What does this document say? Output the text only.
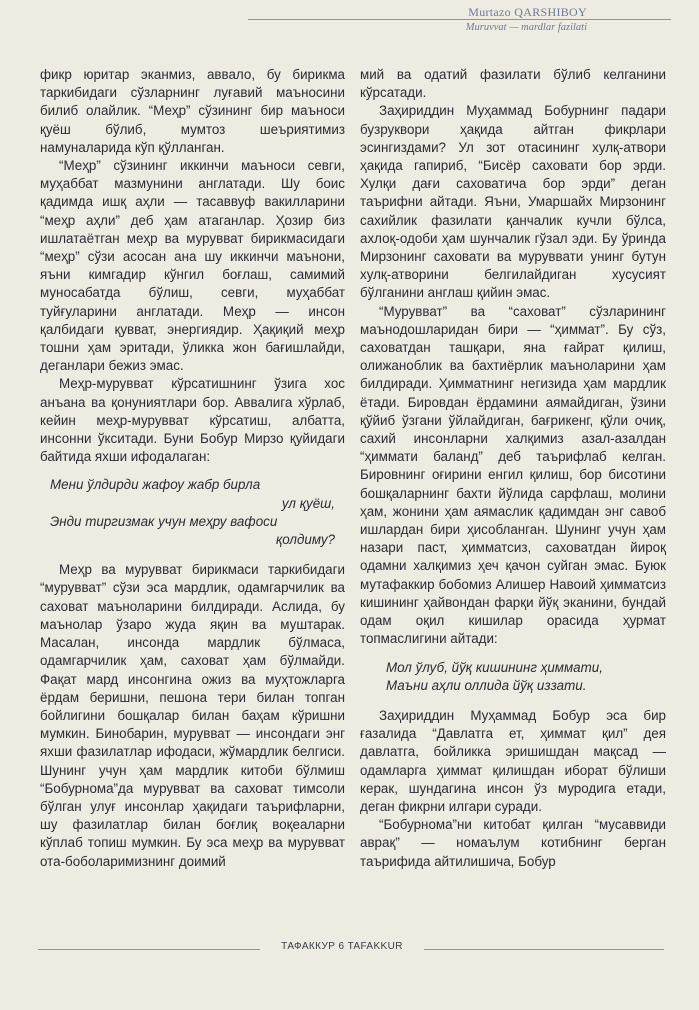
Murtazo QARSHIBOY
Muruvvat — mardlar fazilati

фикр юритар эканмиз, аввало, бу бирикма таркибидаги сўзларнинг луғавий маъносини билиб олайлик. “Меҳр” сўзининг бир маъноси қуёш бўлиб, мумтоз шеъриятимиз намуналарида кўп қўлланган.

“Меҳр” сўзининг иккинчи маъноси севги, муҳаббат мазмунини англатади. Шу боис қадимда ишқ аҳли — тасаввуф вакилларини “меҳр аҳли” деб ҳам атаганлар. Ҳозир биз ишлатаётган меҳр ва мурувват бирикмасидаги “меҳр” сўзи асосан ана шу иккинчи маънони, яъни кимгадир кўнгил боғлаш, самимий муносабатда бўлиш, севги, муҳаббат туйғуларини англатади. Меҳр — инсон қалбидаги қувват, энергиядир. Ҳақиқий меҳр тошни ҳам эритади, ўликка жон бағишлайди, деганлари бежиз эмас.

Меҳр-мурувват кўрсатишнинг ўзига хос анъана ва қонуниятлари бор. Аввалига хўрлаб, кейин меҳр-мурувват кўрсатиш, албатта, инсонни ўкситади. Буни Бобур Мирзо қуйидаги байтида яхши ифодалаган:

Мени ўлдирди жафоу жабр бирла
ул қуёш,
Энди тиргизмак учун меҳру вафоси
қолдиму?

Меҳр ва мурувват бирикмаси таркибидаги “мурувват” сўзи эса мардлик, одамгарчилик ва саховат маъноларини билдиради. Аслида, бу маънолар ўзаро жуда яқин ва муштарак. Масалан, инсонда мардлик бўлмаса, одамгарчилик ҳам, саховат ҳам бўлмайди. Фақат мард инсонгина ожиз ва муҳтожларга ёрдам беришни, пешона тери билан топган бойлигини бошқалар билан баҳам кўришни мумкин. Бинобарин, мурувват — инсондаги энг яхши фазилатлар ифодаси, жўмардлик белгиси. Шунинг учун ҳам мардлик китоби бўлмиш “Бобурнома”да мурувват ва саховат тимсоли бўлган улуғ инсонлар ҳақидаги таърифларни, шу фазилатлар билан боғлиқ воқеаларни кўплаб топиш мумкин. Бу эса меҳр ва мурувват ота-боболаримизнинг доимий

мий ва одатий фазилати бўлиб келганини кўрсатади.

Заҳириддин Муҳаммад Бобурнинг падари бузруквори ҳақида айтган фикрлари эсингиздами? Ул зот отасининг хулқ-атвори ҳақида гапириб, “Бисёр саховати бор эрди. Хулқи дағи саховатича бор эрди” деган таърифни айтади. Яъни, Умаршайх Мирзонинг сахийлик фазилати қанчалик кучли бўлса, ахлоқ-одоби ҳам шунчалик гўзал эди. Бу ўринда Мирзонинг саховати ва муруввати унинг бутун хулқ-атворини белгилайдиган хусусият бўлганини англаш қийин эмас.

“Мурувват” ва “саховат” сўзларининг маънодошларидан бири — “ҳиммат”. Бу сўз, саховатдан ташқари, яна ғайрат қилиш, олижаноблик ва бахтиёрлик маъноларини ҳам билдиради. Ҳимматнинг негизида ҳам мардлик ётади. Бировдан ёрдамини аямайдиган, ўзини қўйиб ўзгани ўйлайдиган, бағрикенг, қўли очиқ, сахий инсонларни халқимиз азал-азалдан “ҳиммати баланд” деб таърифлаб келган. Бировнинг оғирини енгил қилиш, бор бисотини бошқаларнинг бахти йўлида сарфлаш, молини ҳам, жонини ҳам аямаслик қадимдан энг савоб ишлардан бири ҳисобланган. Шунинг учун ҳам назари паст, ҳимматсиз, саховатдан йироқ одамни халқимиз ҳеч қачон суйган эмас. Буюк мутафаккир бобомиз Алишер Навоий ҳимматсиз кишининг ҳайвондан фарқи йўқ эканини, бундай одам оқил кишилар орасида ҳурмат топмаслигини айтади:

Мол ўлуб, йўқ кишининг ҳиммати,
Маъни аҳли оллида йўқ иззати.

Заҳириддин Муҳаммад Бобур эса бир ғазалида “Давлатга ет, ҳиммат қил” дея давлатга, бойликка эришишдан мақсад — одамларга ҳиммат қилишдан иборат бўлиши керак, шундагина инсон ўз муродига етади, деган фикрни илгари суради.

“Бобурнома”ни китобат қилган “мусаввиди аврақ” — номаълум котибнинг берган таърифида айтилишича, Бобур

ТАФАККУР 6 TAFAKKUR
